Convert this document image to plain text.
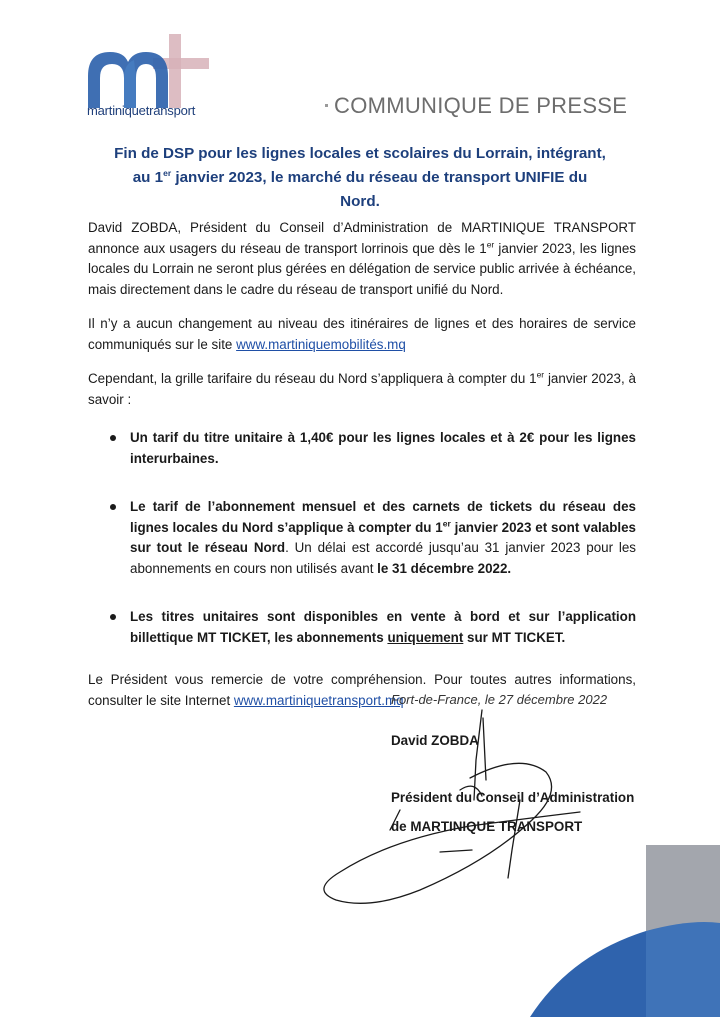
martiniquetransport	COMMUNIQUE DE PRESSE
Fin de DSP pour les lignes locales et scolaires du Lorrain, intégrant,
au 1er janvier 2023, le marché du réseau de transport UNIFIE du
Nord.

David ZOBDA, Président du Conseil d’Administration de MARTINIQUE TRANSPORT annonce aux usagers du réseau de transport lorrinois que dès le 1er janvier 2023, les lignes locales du Lorrain ne seront plus gérées en délégation de service public arrivée à échéance, mais directement dans le cadre du réseau de transport unifié du Nord.

Il n’y a aucun changement au niveau des itinéraires de lignes et des horaires de service communiqués sur le site www.martiniquemobilités.mq

Cependant, la grille tarifaire du réseau du Nord s’appliquera à compter du 1er janvier 2023, à savoir :

Un tarif du titre unitaire à 1,40€ pour les lignes locales et à 2€ pour les lignes interurbaines.
Le tarif de l’abonnement mensuel et des carnets de tickets du réseau des lignes locales du Nord s’applique à compter du 1er janvier 2023 et sont valables sur tout le réseau Nord. Un délai est accordé jusqu’au 31 janvier 2023 pour les abonnements en cours non utilisés avant le 31 décembre 2022.
Les titres unitaires sont disponibles en vente à bord et sur l’application billettique MT TICKET, les abonnements uniquement sur MT TICKET.

Le Président vous remercie de votre compréhension. Pour toutes autres informations, consulter le site Internet www.martiniquetransport.mq

Fort-de-France, le 27 décembre 2022
David ZOBDA
Président du Conseil d’Administration
de MARTINIQUE TRANSPORT
